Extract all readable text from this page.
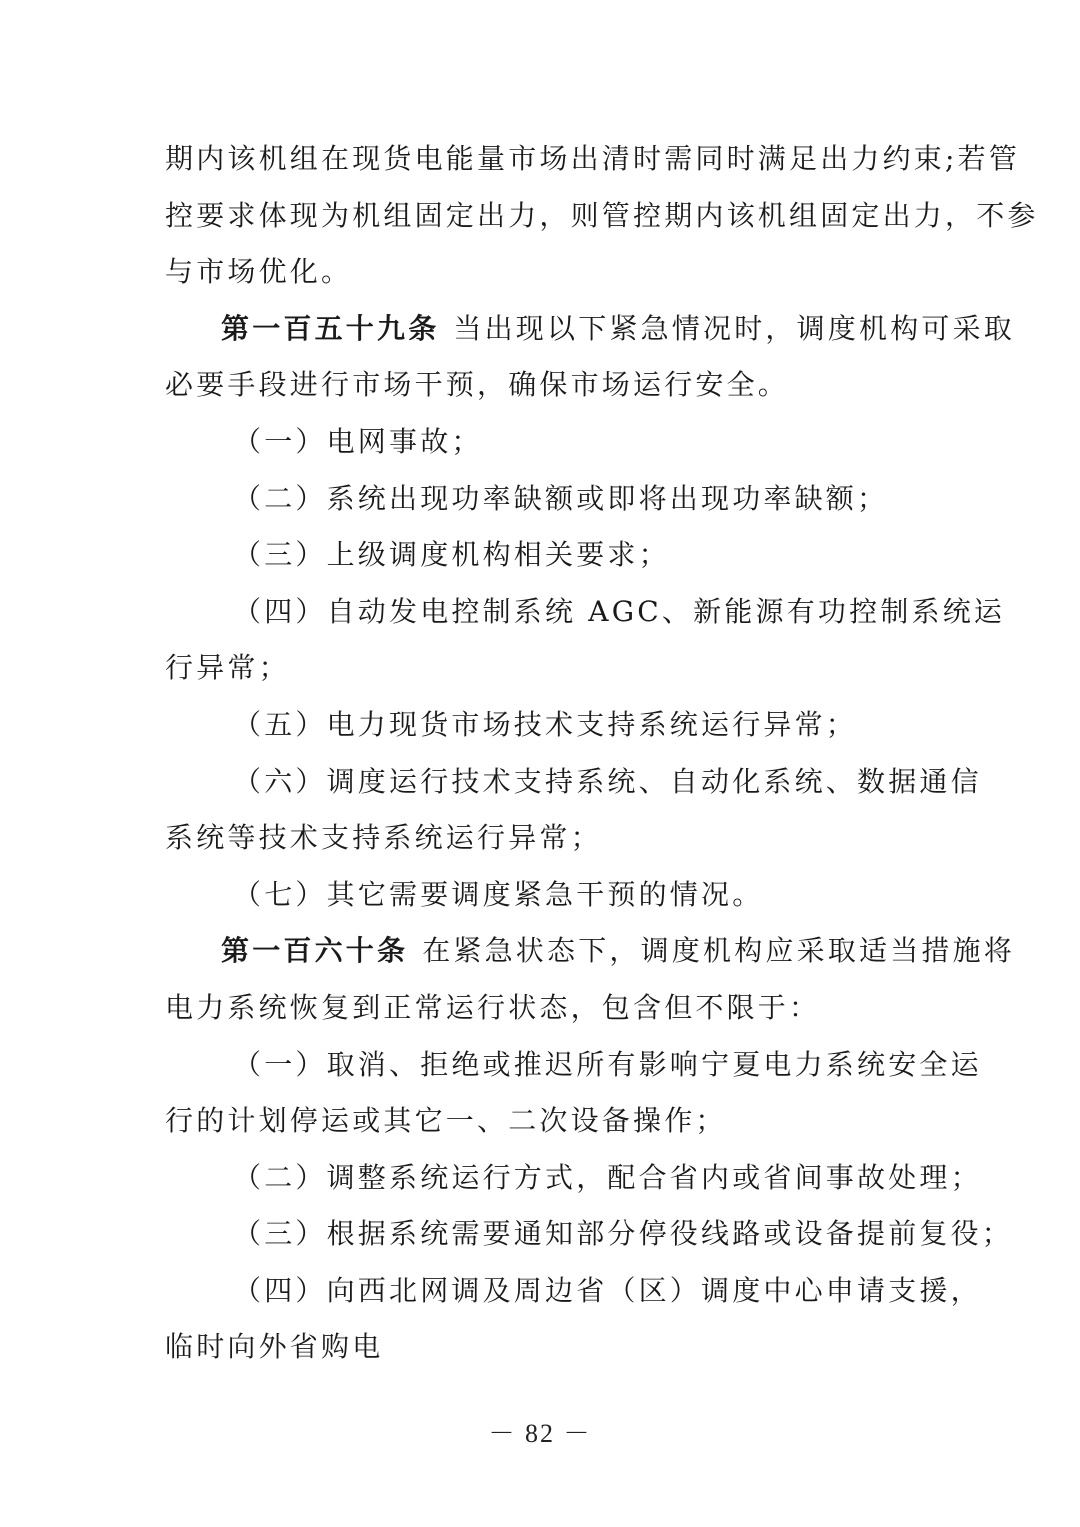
期内该机组在现货电能量市场出清时需同时满足出力约束;若管
控要求体现为机组固定出力，则管控期内该机组固定出力，不参
与市场优化。
第一百五十九条 当出现以下紧急情况时，调度机构可采取
必要手段进行市场干预，确保市场运行安全。
（一）电网事故；
（二）系统出现功率缺额或即将出现功率缺额；
（三）上级调度机构相关要求；
（四）自动发电控制系统 AGC、新能源有功控制系统运
行异常；
（五）电力现货市场技术支持系统运行异常；
（六）调度运行技术支持系统、自动化系统、数据通信
系统等技术支持系统运行异常；
（七）其它需要调度紧急干预的情况。
第一百六十条 在紧急状态下，调度机构应采取适当措施将
电力系统恢复到正常运行状态，包含但不限于：
（一）取消、拒绝或推迟所有影响宁夏电力系统安全运
行的计划停运或其它一、二次设备操作；
（二）调整系统运行方式，配合省内或省间事故处理；
（三）根据系统需要通知部分停役线路或设备提前复役；
（四）向西北网调及周边省（区）调度中心申请支援，
临时向外省购电
－ 82 －
